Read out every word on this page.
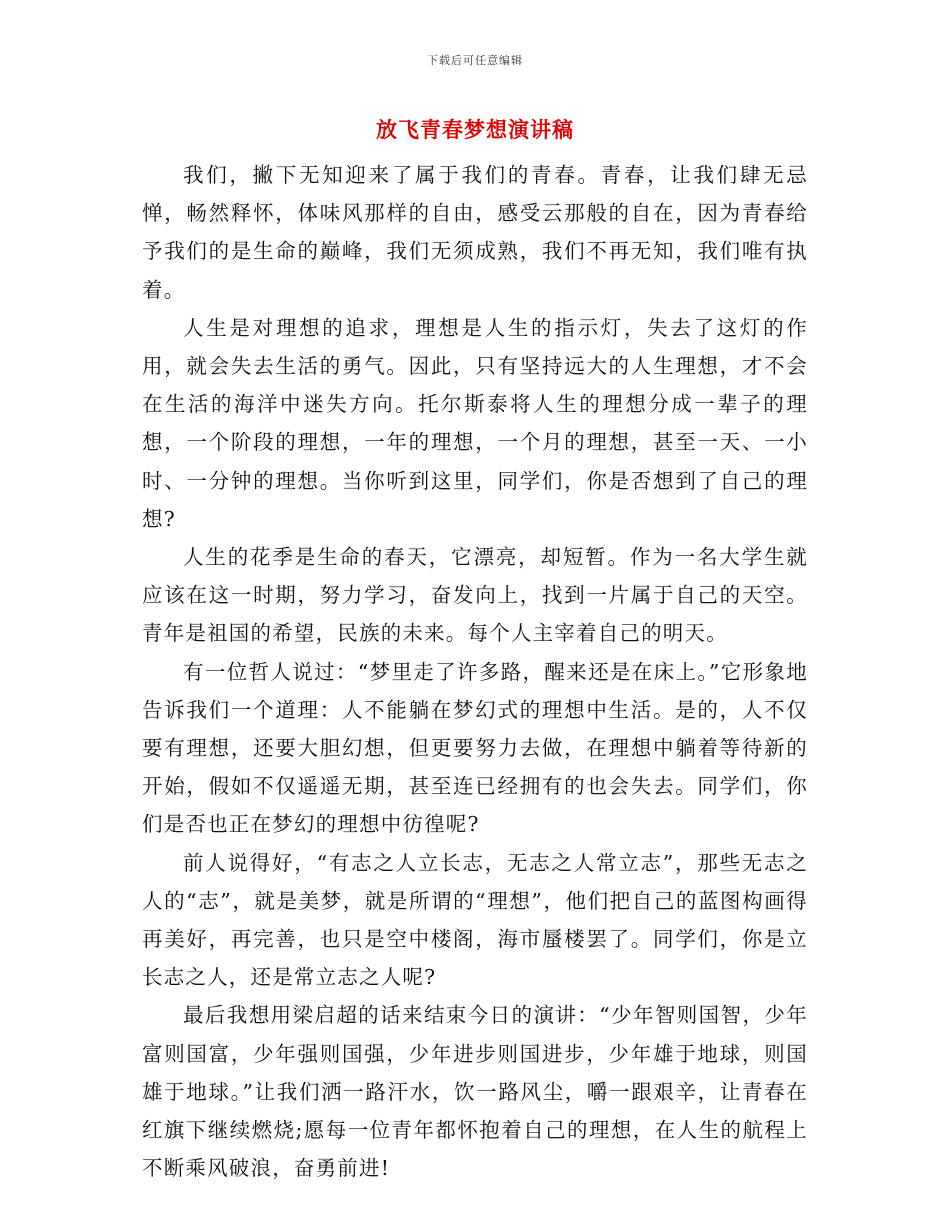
下载后可任意编辑
放飞青春梦想演讲稿

我们，撇下无知迎来了属于我们的青春。青春，让我们肆无忌惮，畅然释怀，体味风那样的自由，感受云那般的自在，因为青春给予我们的是生命的巅峰，我们无须成熟，我们不再无知，我们唯有执着。

人生是对理想的追求，理想是人生的指示灯，失去了这灯的作用，就会失去生活的勇气。因此，只有坚持远大的人生理想，才不会在生活的海洋中迷失方向。托尔斯泰将人生的理想分成一辈子的理想，一个阶段的理想，一年的理想，一个月的理想，甚至一天、一小时、一分钟的理想。当你听到这里，同学们，你是否想到了自己的理想?

人生的花季是生命的春天，它漂亮，却短暂。作为一名大学生就应该在这一时期，努力学习，奋发向上，找到一片属于自己的天空。青年是祖国的希望，民族的未来。每个人主宰着自己的明天。

有一位哲人说过：“梦里走了许多路，醒来还是在床上。”它形象地告诉我们一个道理：人不能躺在梦幻式的理想中生活。是的，人不仅要有理想，还要大胆幻想，但更要努力去做，在理想中躺着等待新的开始，假如不仅遥遥无期，甚至连已经拥有的也会失去。同学们，你们是否也正在梦幻的理想中彷徨呢?

前人说得好，“有志之人立长志，无志之人常立志”，那些无志之人的“志”，就是美梦，就是所谓的“理想”，他们把自己的蓝图构画得再美好，再完善，也只是空中楼阁，海市蜃楼罢了。同学们，你是立长志之人，还是常立志之人呢?

最后我想用梁启超的话来结束今日的演讲：“少年智则国智，少年富则国富，少年强则国强，少年进步则国进步，少年雄于地球，则国雄于地球。”让我们洒一路汗水，饮一路风尘，嚼一跟艰辛，让青春在红旗下继续燃烧;愿每一位青年都怀抱着自己的理想，在人生的航程上不断乘风破浪，奋勇前进!
